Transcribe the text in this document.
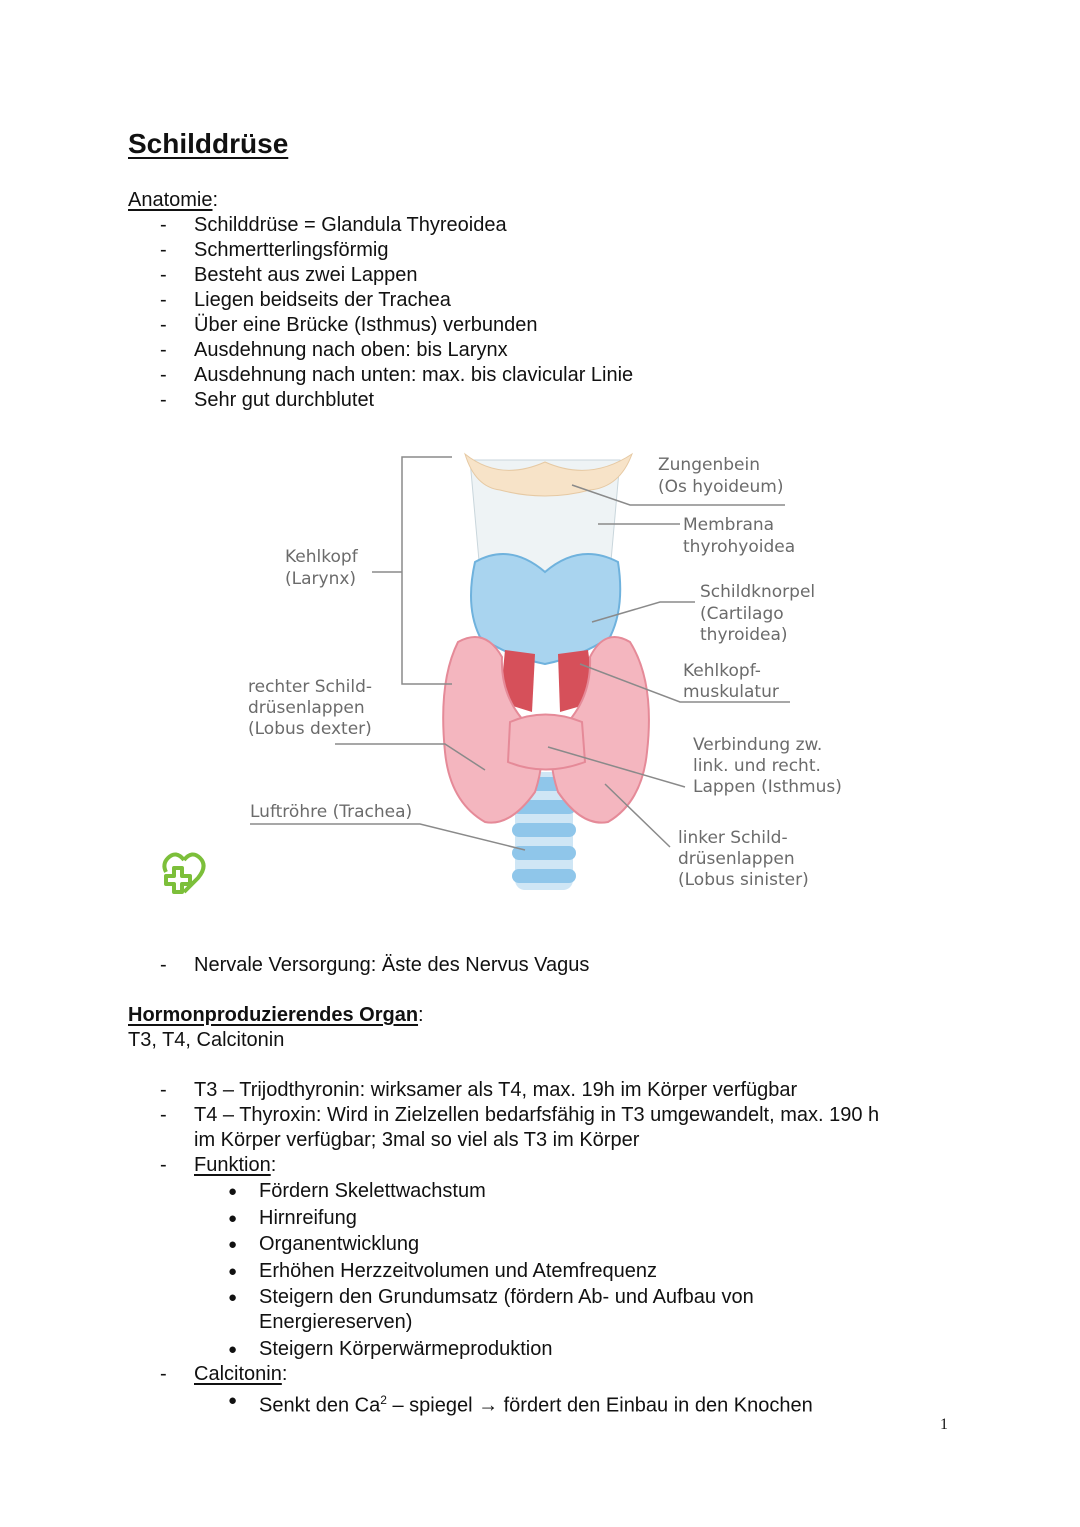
Schilddrüse
Anatomie:
- Schilddrüse = Glandula Thyreoidea
- Schmertterlingsförmig
- Besteht aus zwei Lappen
- Liegen beidseits der Trachea
- Über eine Brücke (Isthmus) verbunden
- Ausdehnung nach oben: bis Larynx
- Ausdehnung nach unten: max. bis clavicular Linie
- Sehr gut durchblutet
Zungenbein
(Os hyoideum)
Membrana
thyrohyoidea
Schildknorpel
(Cartilago
thyroidea)
Kehlkopf
(Larynx)
Kehlkopf-
muskulatur
rechter Schild-
drüsenlappen
(Lobus dexter)
Verbindung zw.
link. und recht.
Lappen (Isthmus)
Luftröhre (Trachea)
linker Schild-
drüsenlappen
(Lobus sinister)
- Nervale Versorgung: Äste des Nervus Vagus
Hormonproduzierendes Organ:
T3, T4, Calcitonin
- T3 – Trijodthyronin: wirksamer als T4, max. 19h im Körper verfügbar
- T4 – Thyroxin: Wird in Zielzellen bedarfsfähig in T3 umgewandelt, max. 190 h
im Körper verfügbar; 3mal so viel als T3 im Körper
- Funktion:
● Fördern Skelettwachstum
● Hirnreifung
● Organentwicklung
● Erhöhen Herzzeitvolumen und Atemfrequenz
● Steigern den Grundumsatz (fördern Ab- und Aufbau von
Energiereserven)
● Steigern Körperwärmeproduktion
- Calcitonin:
● Senkt den Ca$^2$ – spiegel → fördert den Einbau in den Knochen
1
